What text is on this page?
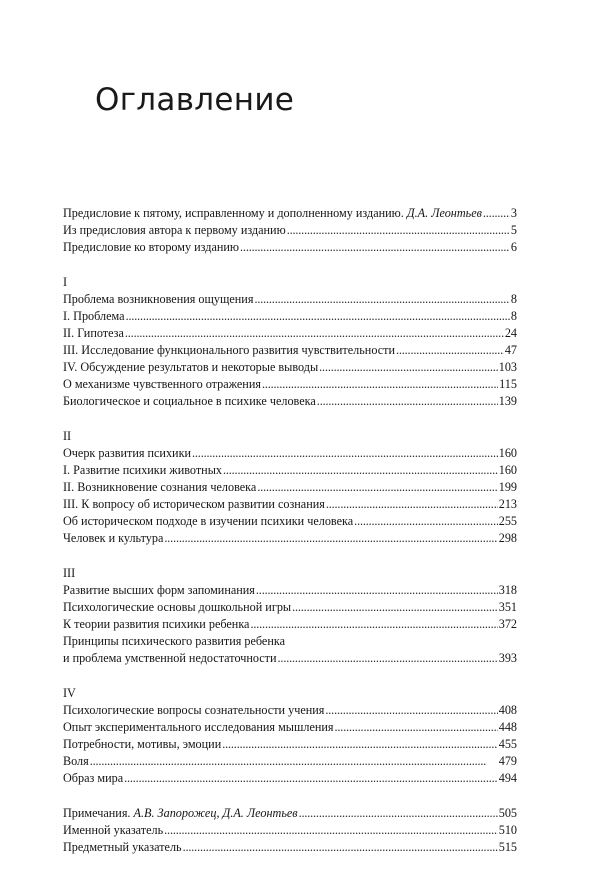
Оглавление
Предисловие к пятому, исправленному и дополненному изданию. Д.А. Леонтьев . . . 3
Из предисловия автора к первому изданию . . .	5
Предисловие ко второму изданию . . .	6
I
Проблема возникновения ощущения . . .	8
I. Проблема . . .	8
II. Гипотеза . . .	24
III. Исследование функционального развития чувствительности . . .	47
IV. Обсуждение результатов и некоторые выводы . . .	103
О механизме чувственного отражения . . .	115
Биологическое и социальное в психике человека . . .	139
II
Очерк развития психики . . .	160
I. Развитие психики животных . . .	160
II. Возникновение сознания человека . . .	199
III. К вопросу об историческом развитии сознания . . .	213
Об историческом подходе в изучении психики человека . . .	255
Человек и культура . . .	298
III
Развитие высших форм запоминания . . .	318
Психологические основы дошкольной игры . . .	351
К теории развития психики ребенка . . .	372
Принципы психического развития ребенка
и проблема умственной недостаточности . . .	393
IV
Психологические вопросы сознательности учения . . .	408
Опыт экспериментального исследования мышления . . .	448
Потребности, мотивы, эмоции . . .	455
Воля . . .	479
Образ мира . . .	494
Примечания. А.В. Запорожец, Д.А. Леонтьев . . .	505
Именной указатель . . .	510
Предметный указатель . . .	515
